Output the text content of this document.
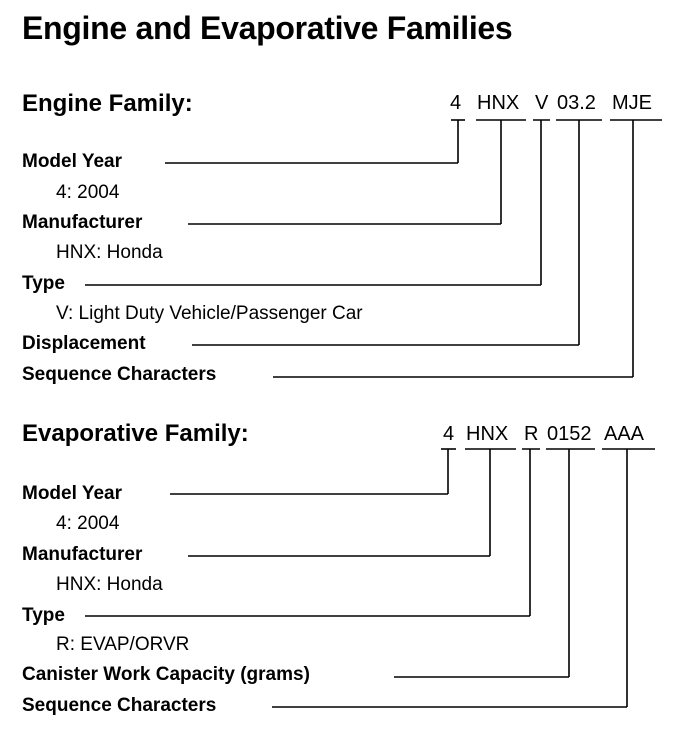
Engine and Evaporative Families
Engine Family:	4 HNX V 03.2 MJE
Model Year
4: 2004
Manufacturer
HNX: Honda
Type
V: Light Duty Vehicle/Passenger Car
Displacement
Sequence Characters
Evaporative Family:	4 HNX R 0152 AAA
Model Year
4: 2004
Manufacturer
HNX: Honda
Type
R: EVAP/ORVR
Canister Work Capacity (grams)
Sequence Characters
